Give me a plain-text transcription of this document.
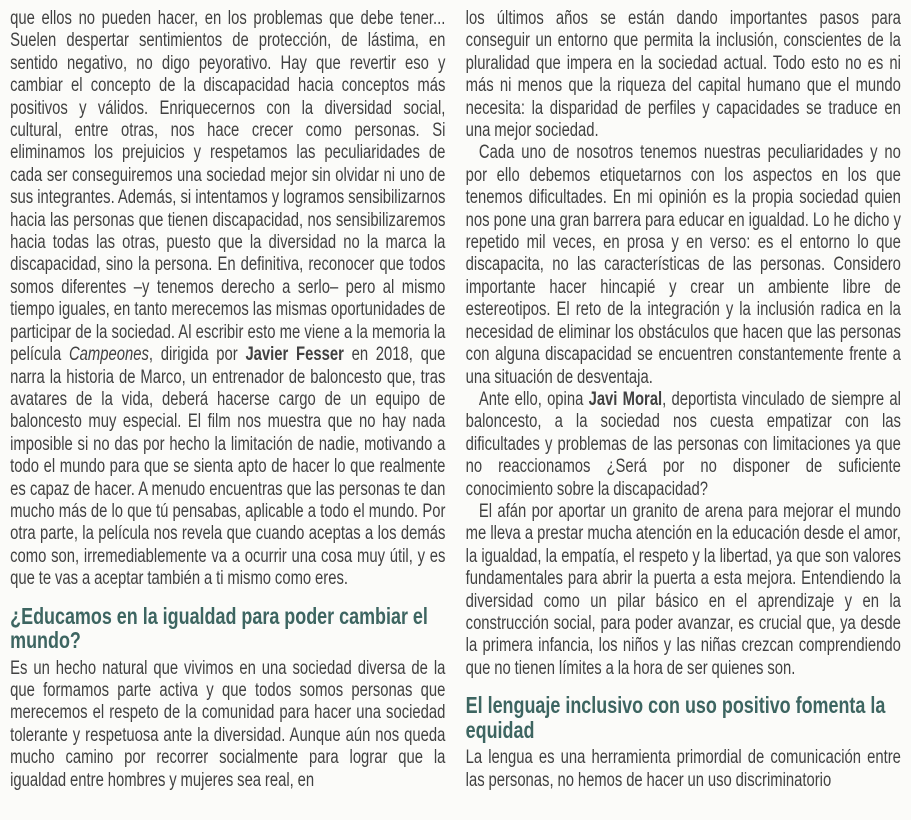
que ellos no pueden hacer, en los problemas que debe tener... Suelen despertar sentimientos de protección, de lástima, en sentido negativo, no digo peyorativo. Hay que revertir eso y cambiar el concepto de la discapacidad hacia conceptos más positivos y válidos. Enriquecernos con la diversidad social, cultural, entre otras, nos hace crecer como personas. Si eliminamos los prejuicios y respetamos las peculiaridades de cada ser conseguiremos una sociedad mejor sin olvidar ni uno de sus integrantes. Además, si intentamos y logramos sensibilizarnos hacia las personas que tienen discapacidad, nos sensibilizaremos hacia todas las otras, puesto que la diversidad no la marca la discapacidad, sino la persona. En definitiva, reconocer que todos somos diferentes –y tenemos derecho a serlo– pero al mismo tiempo iguales, en tanto merecemos las mismas oportunidades de participar de la sociedad. Al escribir esto me viene a la memoria la película Campeones, dirigida por Javier Fesser en 2018, que narra la historia de Marco, un entrenador de baloncesto que, tras avatares de la vida, deberá hacerse cargo de un equipo de baloncesto muy especial. El film nos muestra que no hay nada imposible si no das por hecho la limitación de nadie, motivando a todo el mundo para que se sienta apto de hacer lo que realmente es capaz de hacer. A menudo encuentras que las personas te dan mucho más de lo que tú pensabas, aplicable a todo el mundo. Por otra parte, la película nos revela que cuando aceptas a los demás como son, irremediablemente va a ocurrir una cosa muy útil, y es que te vas a aceptar también a ti mismo como eres.

¿Educamos en la igualdad para poder cambiar el mundo?

Es un hecho natural que vivimos en una sociedad diversa de la que formamos parte activa y que todos somos personas que merecemos el respeto de la comunidad para hacer una sociedad tolerante y respetuosa ante la diversidad. Aunque aún nos queda mucho camino por recorrer socialmente para lograr que la igualdad entre hombres y mujeres sea real, en

los últimos años se están dando importantes pasos para conseguir un entorno que permita la inclusión, conscientes de la pluralidad que impera en la sociedad actual. Todo esto no es ni más ni menos que la riqueza del capital humano que el mundo necesita: la disparidad de perfiles y capacidades se traduce en una mejor sociedad.

Cada uno de nosotros tenemos nuestras peculiaridades y no por ello debemos etiquetarnos con los aspectos en los que tenemos dificultades. En mi opinión es la propia sociedad quien nos pone una gran barrera para educar en igualdad. Lo he dicho y repetido mil veces, en prosa y en verso: es el entorno lo que discapacita, no las características de las personas. Considero importante hacer hincapié y crear un ambiente libre de estereotipos. El reto de la integración y la inclusión radica en la necesidad de eliminar los obstáculos que hacen que las personas con alguna discapacidad se encuentren constantemente frente a una situación de desventaja.

Ante ello, opina Javi Moral, deportista vinculado de siempre al baloncesto, a la sociedad nos cuesta empatizar con las dificultades y problemas de las personas con limitaciones ya que no reaccionamos ¿Será por no disponer de suficiente conocimiento sobre la discapacidad?

El afán por aportar un granito de arena para mejorar el mundo me lleva a prestar mucha atención en la educación desde el amor, la igualdad, la empatía, el respeto y la libertad, ya que son valores fundamentales para abrir la puerta a esta mejora. Entendiendo la diversidad como un pilar básico en el aprendizaje y en la construcción social, para poder avanzar, es crucial que, ya desde la primera infancia, los niños y las niñas crezcan comprendiendo que no tienen límites a la hora de ser quienes son.

El lenguaje inclusivo con uso positivo fomenta la equidad

La lengua es una herramienta primordial de comunicación entre las personas, no hemos de hacer un uso discriminatorio
